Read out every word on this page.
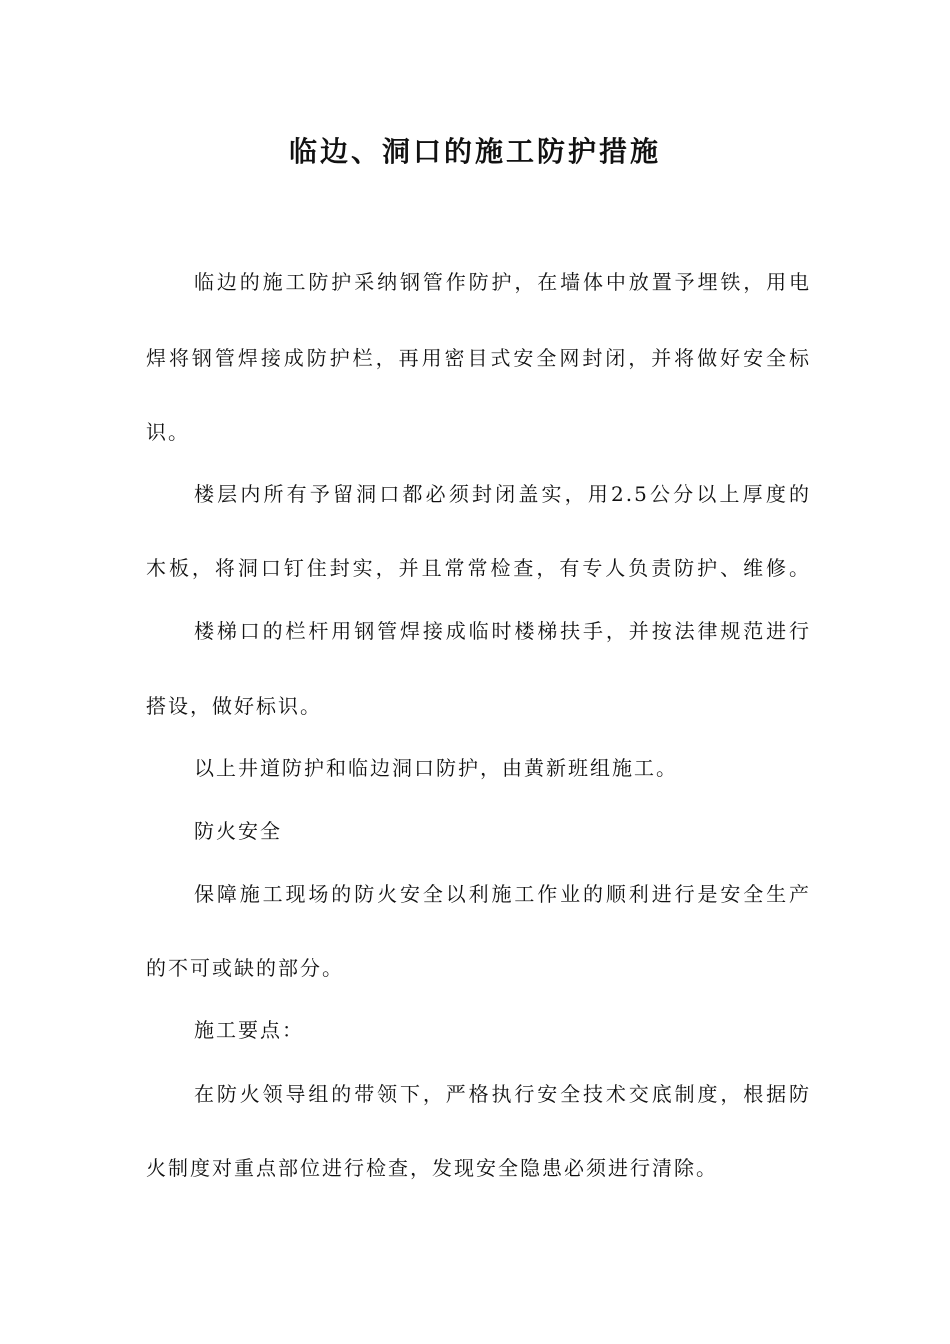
临边、洞口的施工防护措施
临边的施工防护采纳钢管作防护，在墙体中放置予埋铁，用电
焊将钢管焊接成防护栏，再用密目式安全网封闭，并将做好安全标
识。
楼层内所有予留洞口都必须封闭盖实，用2.5公分以上厚度的
木板，将洞口钉住封实，并且常常检查，有专人负责防护、维修。
楼梯口的栏杆用钢管焊接成临时楼梯扶手，并按法律规范进行
搭设，做好标识。
以上井道防护和临边洞口防护，由黄新班组施工。
防火安全
保障施工现场的防火安全以利施工作业的顺利进行是安全生产
的不可或缺的部分。
施工要点：
在防火领导组的带领下，严格执行安全技术交底制度，根据防
火制度对重点部位进行检查，发现安全隐患必须进行清除。
